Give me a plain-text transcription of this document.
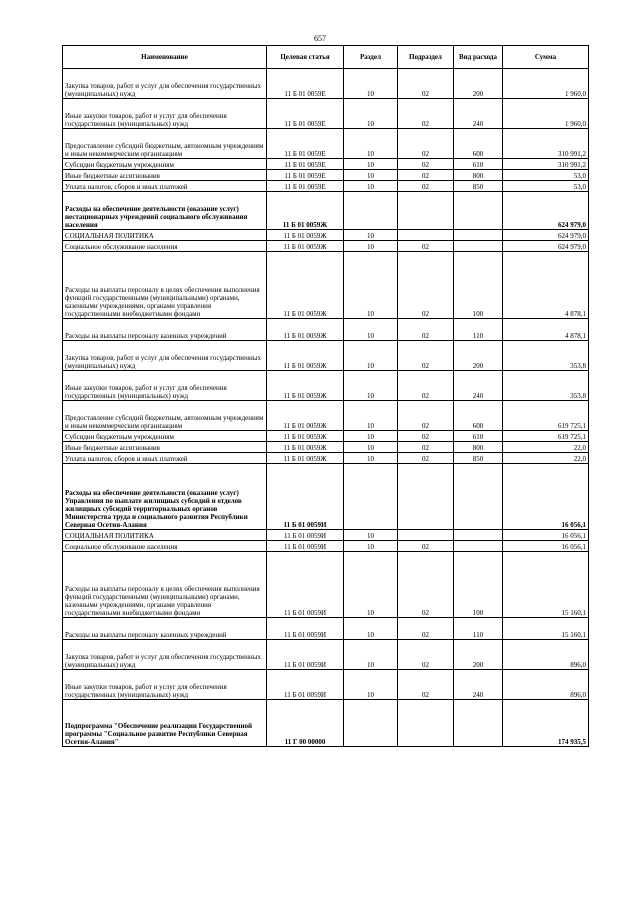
657
Наименование	Целевая статья	Раздел	Подраздел	Вид расхода	Сумма
Закупка товаров, работ и услуг для обеспечения государственных (муниципальных) нужд	11 Б 01 0059Е	10	02	200	1 960,0
Иные закупки товаров, работ и услуг для обеспечения государственных (муниципальных) нужд	11 Б 01 0059Е	10	02	240	1 960,0
Предоставление субсидий бюджетным, автономным учреждениям и иным некоммерческим организациям	11 Б 01 0059Е	10	02	600	310 991,2
Субсидии бюджетным учреждениям	11 Б 01 0059Е	10	02	610	310 991,2
Иные бюджетные ассигнования	11 Б 01 0059Е	10	02	800	53,0
Уплата налогов, сборов и иных платежей	11 Б 01 0059Е	10	02	850	53,0
Расходы на обеспечение деятельности (оказание услуг) нестационарных учреждений социального обслуживания населения	11 Б 01 0059Ж				624 979,0
СОЦИАЛЬНАЯ ПОЛИТИКА	11 Б 01 0059Ж	10			624 979,0
Социальное обслуживание населения	11 Б 01 0059Ж	10	02		624 979,0
Расходы на выплаты персоналу в целях обеспечения выполнения функций государственными (муниципальными) органами, казенными учреждениями, органами управления государственными внебюджетными фондами	11 Б 01 0059Ж	10	02	100	4 878,1
Расходы на выплаты персоналу казенных учреждений	11 Б 01 0059Ж	10	02	110	4 878,1
Закупка товаров, работ и услуг для обеспечения государственных (муниципальных) нужд	11 Б 01 0059Ж	10	02	200	353,8
Иные закупки товаров, работ и услуг для обеспечения государственных (муниципальных) нужд	11 Б 01 0059Ж	10	02	240	353,8
Предоставление субсидий бюджетным, автономным учреждениям и иным некоммерческим организациям	11 Б 01 0059Ж	10	02	600	619 725,1
Субсидии бюджетным учреждениям	11 Б 01 0059Ж	10	02	610	619 725,1
Иные бюджетные ассигнования	11 Б 01 0059Ж	10	02	800	22,0
Уплата налогов, сборов и иных платежей	11 Б 01 0059Ж	10	02	850	22,0
Расходы на обеспечение деятельности (оказание услуг) Управления по выплате жилищных субсидий и отделов жилищных субсидий территориальных органов Министерства труда и социального развития Республики Северная Осетия-Алания	11 Б 01 0059И				16 056,1
СОЦИАЛЬНАЯ ПОЛИТИКА	11 Б 01 0059И	10			16 056,1
Социальное обслуживание населения	11 Б 01 0059И	10	02		16 056,1
Расходы на выплаты персоналу в целях обеспечения выполнения функций государственными (муниципальными) органами, казенными учреждениями, органами управления государственными внебюджетными фондами	11 Б 01 0059И	10	02	100	15 160,1
Расходы на выплаты персоналу казенных учреждений	11 Б 01 0059И	10	02	110	15 160,1
Закупка товаров, работ и услуг для обеспечения государственных (муниципальных) нужд	11 Б 01 0059И	10	02	200	896,0
Иные закупки товаров, работ и услуг для обеспечения государственных (муниципальных) нужд	11 Б 01 0059И	10	02	240	896,0
Подпрограмма "Обеспечение реализации Государственной программы "Социальное развитие Республики Северная Осетия-Алания"	11 Г 00 00000				174 935,5
